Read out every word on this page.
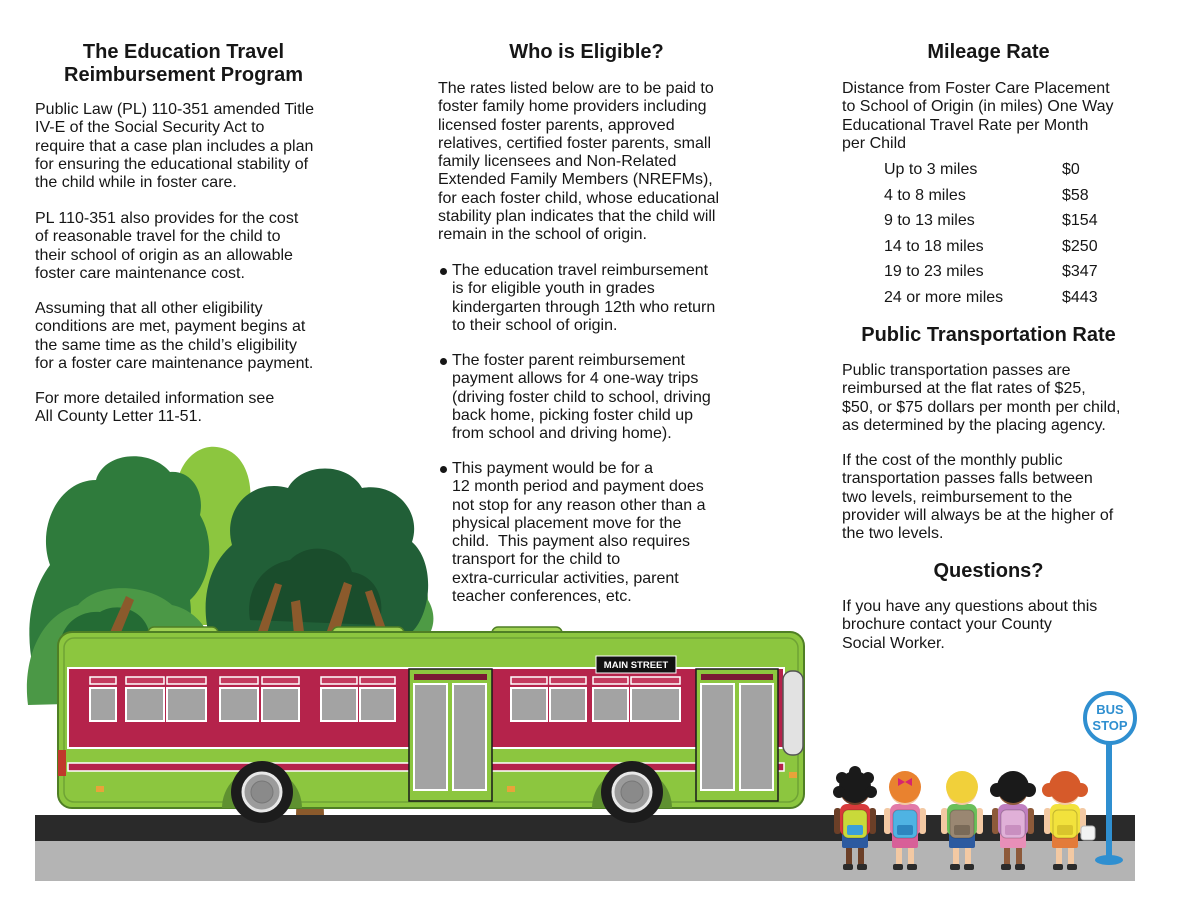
MAIN STREET
BUS
STOP
The Education Travel
Reimbursement Program
Public Law (PL) 110-351 amended Title
IV-E of the Social Security Act to
require that a case plan includes a plan
for ensuring the educational stability of
the child while in foster care.
PL 110-351 also provides for the cost
of reasonable travel for the child to
their school of origin as an allowable
foster care maintenance cost.
Assuming that all other eligibility
conditions are met, payment begins at
the same time as the child’s eligibility
for a foster care maintenance payment.
For more detailed information see
All County Letter 11-51.
Who is Eligible?
The rates listed below are to be paid to
foster family home providers including
licensed foster parents, approved
relatives, certified foster parents, small
family licensees and Non-Related
Extended Family Members (NREFMs),
for each foster child, whose educational
stability plan indicates that the child will
remain in the school of origin.
The education travel reimbursement
is for eligible youth in grades
kindergarten through 12th who return
to their school of origin.
The foster parent reimbursement
payment allows for 4 one-way trips
(driving foster child to school, driving
back home, picking foster child up
from school and driving home).
This payment would be for a
12 month period and payment does
not stop for any reason other than a
physical placement move for the
child.  This payment also requires
transport for the child to
extra-curricular activities, parent
teacher conferences, etc.
Mileage Rate
Distance from Foster Care Placement
to School of Origin (in miles) One Way
Educational Travel Rate per Month
per Child
Up to 3 miles	$0
4 to 8 miles	$58
9 to 13 miles	$154
14 to 18 miles	$250
19 to 23 miles	$347
24 or more miles	$443
Public Transportation Rate
Public transportation passes are
reimbursed at the flat rates of $25,
$50, or $75 dollars per month per child,
as determined by the placing agency.
If the cost of the monthly public
transportation passes falls between
two levels, reimbursement to the
provider will always be at the higher of
the two levels.
Questions?
If you have any questions about this
brochure contact your County
Social Worker.
